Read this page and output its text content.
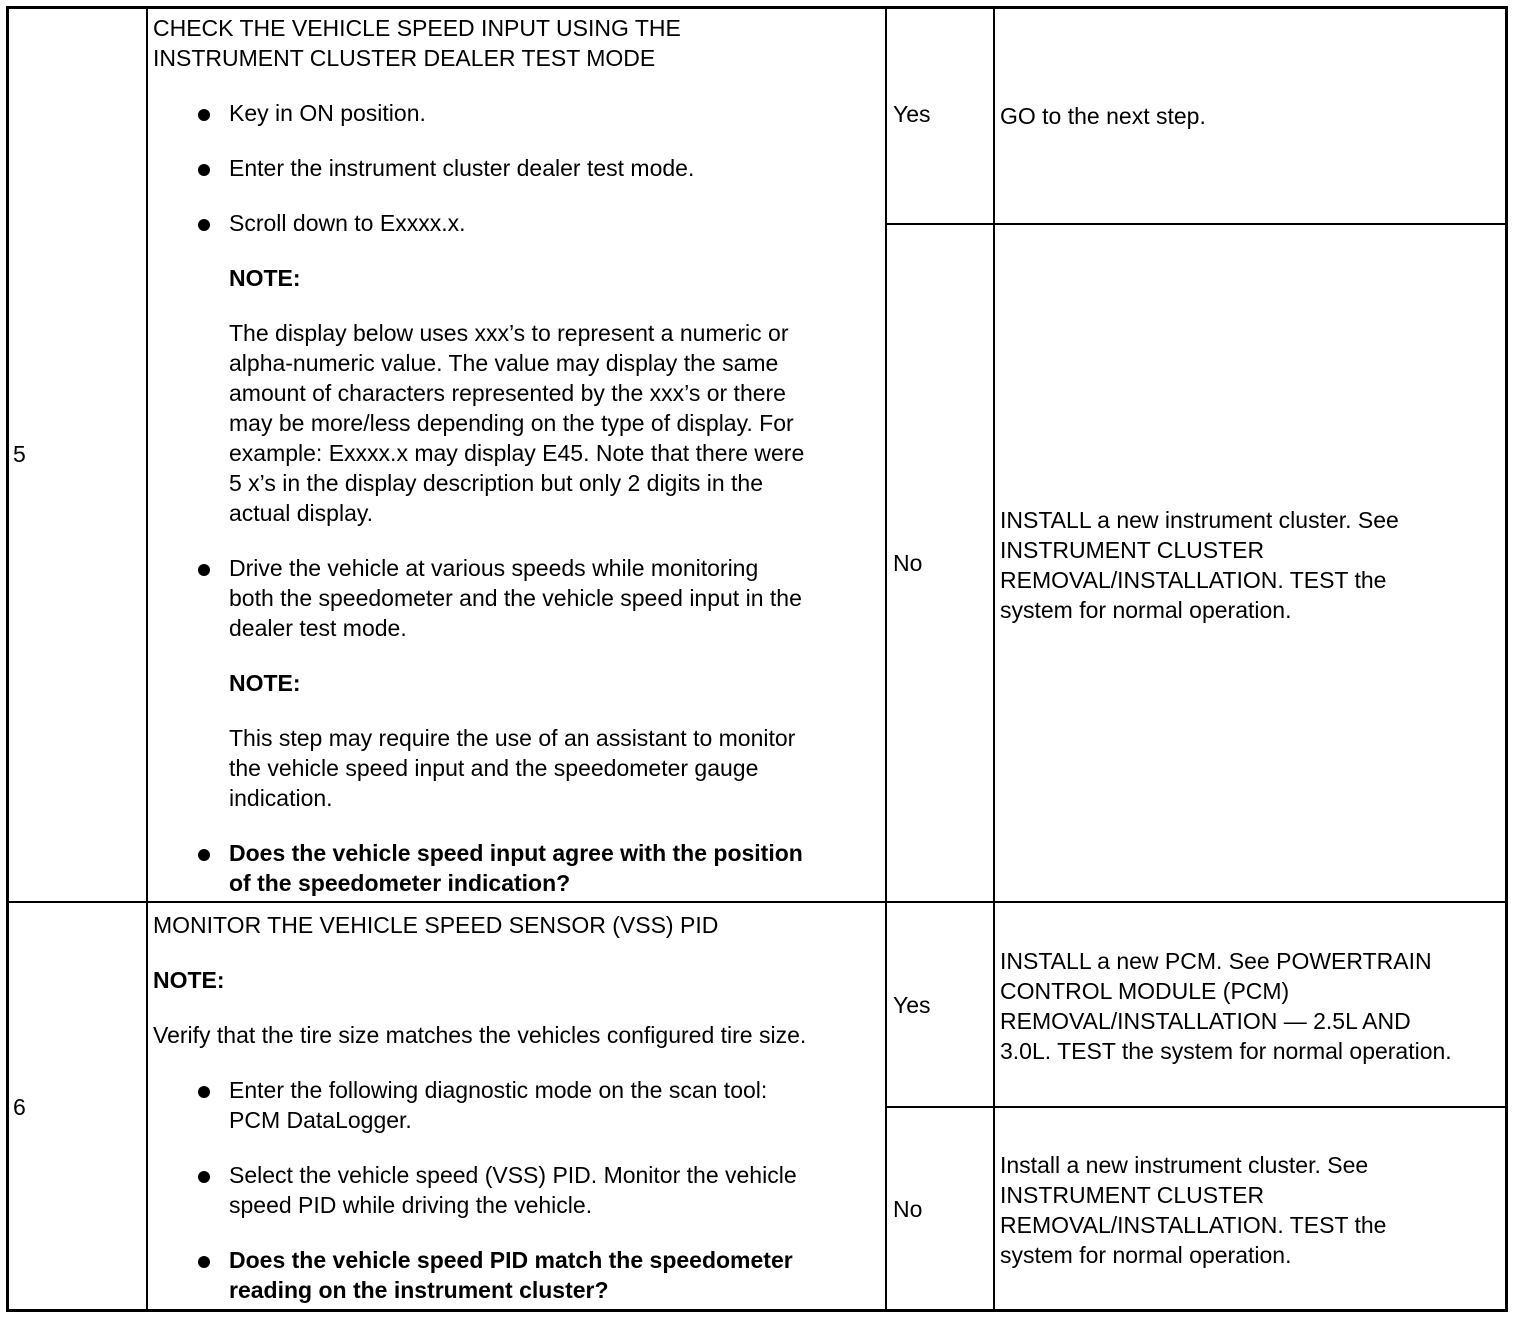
5
CHECK THE VEHICLE SPEED INPUT USING THE
INSTRUMENT CLUSTER DEALER TEST MODE
Key in ON position.
Enter the instrument cluster dealer test mode.
Scroll down to Exxxx.x.
NOTE:
The display below uses xxx’s to represent a numeric or
alpha-numeric value. The value may display the same
amount of characters represented by the xxx’s or there
may be more/less depending on the type of display. For
example: Exxxx.x may display E45. Note that there were
5 x’s in the display description but only 2 digits in the
actual display.
Drive the vehicle at various speeds while monitoring
both the speedometer and the vehicle speed input in the
dealer test mode.
NOTE:
This step may require the use of an assistant to monitor
the vehicle speed input and the speedometer gauge
indication.
Does the vehicle speed input agree with the position
of the speedometer indication?
Yes	GO to the next step.
No
INSTALL a new instrument cluster. See
INSTRUMENT CLUSTER
REMOVAL/INSTALLATION. TEST the
system for normal operation.
6
MONITOR THE VEHICLE SPEED SENSOR (VSS) PID
NOTE:
Verify that the tire size matches the vehicles configured tire size.
Enter the following diagnostic mode on the scan tool:
PCM DataLogger.
Select the vehicle speed (VSS) PID. Monitor the vehicle
speed PID while driving the vehicle.
Does the vehicle speed PID match the speedometer
reading on the instrument cluster?
Yes
INSTALL a new PCM. See POWERTRAIN
CONTROL MODULE (PCM)
REMOVAL/INSTALLATION — 2.5L AND
3.0L. TEST the system for normal operation.
No
Install a new instrument cluster. See
INSTRUMENT CLUSTER
REMOVAL/INSTALLATION. TEST the
system for normal operation.
